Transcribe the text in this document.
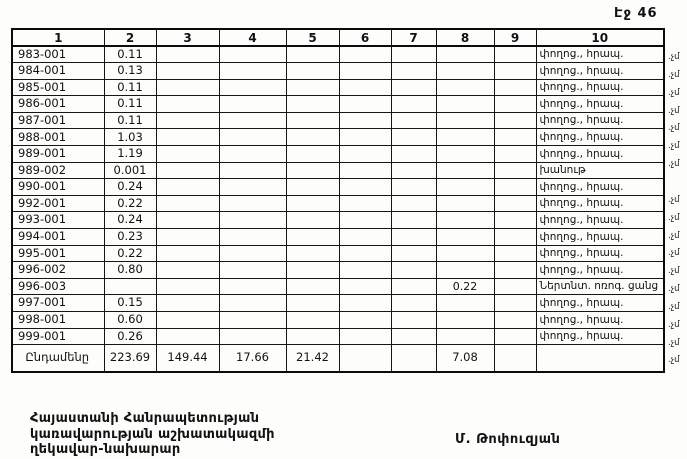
Էջ 46
1	2	3	4	5	6	7	8	9	10
983-001	0.11								փողոց., հրապ.
984-001	0.13								փողոց., հրապ.
985-001	0.11								փողոց., հրապ.
986-001	0.11								փողոց., հրապ.
987-001	0.11								փողոց., հրապ.
988-001	1.03								փողոց., հրապ.
989-001	1.19								փողոց., հրապ.
989-002	0.001								խանութ
990-001	0.24								փողոց., հրապ.
992-001	0.22								փողոց., հրապ.
993-001	0.24								փողոց., հրապ.
994-001	0.23								փողոց., հրապ.
995-001	0.22								փողոց., հրապ.
996-002	0.80								փողոց., հրապ.
996-003							0.22		Ներտնտ. ոռոգ. ցանց
997-001	0.15								փողոց., հրապ.
998-001	0.60								փողոց., հրապ.
999-001	0.26								փողոց., հրապ.
Ընդամենը	223.69	149.44	17.66	21.42			7.08		
.չմ
.չմ
.չմ
.չմ
.չմ
.չմ
.չմ
.չմ
.չմ
.չմ
.չմ
.չմ
.չմ
.չմ
.չմ
.չմ
.չմ
Հայաստանի Հանրապետության
կառավարության աշխատակազմի
ղեկավար-նախարար
Մ. Թոփուզյան
